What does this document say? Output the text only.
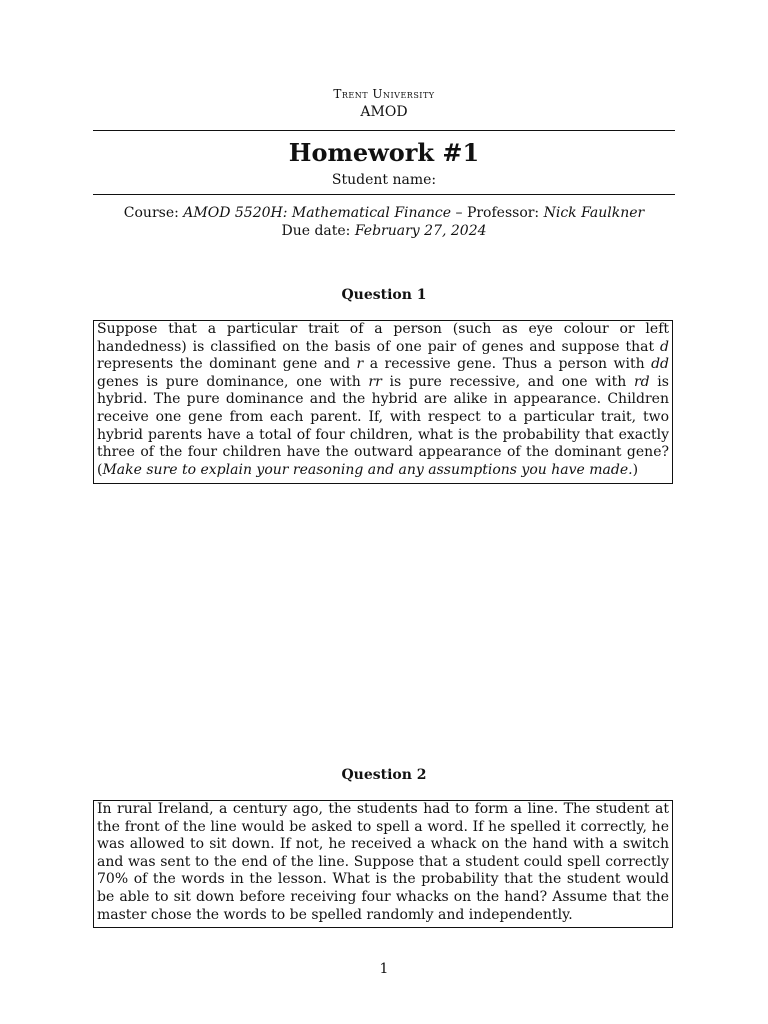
Trent University
AMOD
Homework #1
Student name:
Course: AMOD 5520H: Mathematical Finance – Professor: Nick Faulkner
Due date: February 27, 2024
Question 1
Suppose that a particular trait of a person (such as eye colour or left handedness) is classified on the basis of one pair of genes and suppose that d represents the dominant gene and r a recessive gene. Thus a person with dd genes is pure dominance, one with rr is pure recessive, and one with rd is hybrid. The pure dominance and the hybrid are alike in appearance. Children receive one gene from each parent. If, with respect to a particular trait, two hybrid parents have a total of four children, what is the probability that exactly three of the four children have the outward appearance of the dominant gene? (Make sure to explain your reasoning and any assumptions you have made.)
Question 2
In rural Ireland, a century ago, the students had to form a line. The student at the front of the line would be asked to spell a word. If he spelled it correctly, he was allowed to sit down. If not, he received a whack on the hand with a switch and was sent to the end of the line. Suppose that a student could spell correctly 70% of the words in the lesson. What is the probability that the student would be able to sit down before receiving four whacks on the hand? Assume that the master chose the words to be spelled randomly and independently.
1
